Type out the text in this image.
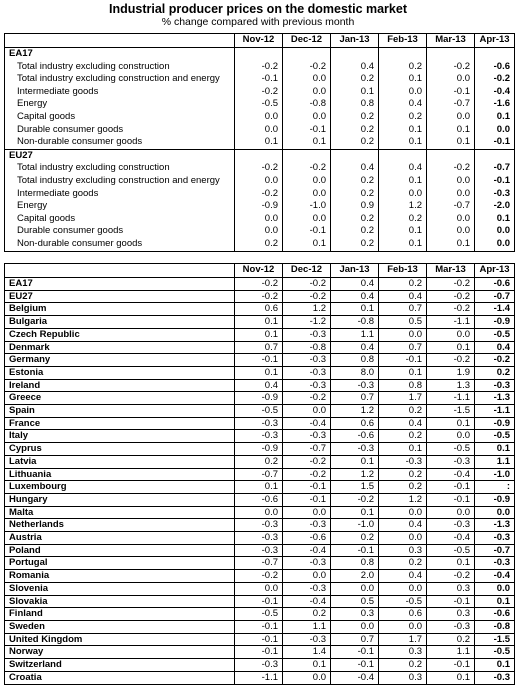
Industrial producer prices on the domestic market
% change compared with previous month
	Nov-12	Dec-12	Jan-13	Feb-13	Mar-13	Apr-13
EA17						
Total industry excluding construction	-0.2	-0.2	0.4	0.2	-0.2	-0.6
Total industry excluding construction and energy	-0.1	0.0	0.2	0.1	0.0	-0.2
Intermediate goods	-0.2	0.0	0.1	0.0	-0.1	-0.4
Energy	-0.5	-0.8	0.8	0.4	-0.7	-1.6
Capital goods	0.0	0.0	0.2	0.2	0.0	0.1
Durable consumer goods	0.0	-0.1	0.2	0.1	0.1	0.0
Non-durable consumer goods	0.1	0.1	0.2	0.1	0.1	-0.1
EU27						
Total industry excluding construction	-0.2	-0.2	0.4	0.4	-0.2	-0.7
Total industry excluding construction and energy	0.0	0.0	0.2	0.1	0.0	-0.1
Intermediate goods	-0.2	0.0	0.2	0.0	0.0	-0.3
Energy	-0.9	-1.0	0.9	1.2	-0.7	-2.0
Capital goods	0.0	0.0	0.2	0.2	0.0	0.1
Durable consumer goods	0.0	-0.1	0.2	0.1	0.0	0.0
Non-durable consumer goods	0.2	0.1	0.2	0.1	0.1	0.0
	Nov-12	Dec-12	Jan-13	Feb-13	Mar-13	Apr-13
EA17	-0.2	-0.2	0.4	0.2	-0.2	-0.6
EU27	-0.2	-0.2	0.4	0.4	-0.2	-0.7
Belgium	0.6	1.2	0.1	0.7	-0.2	-1.4
Bulgaria	0.1	-1.2	-0.8	0.5	-1.1	-0.9
Czech Republic	0.1	-0.3	1.1	0.0	0.0	-0.5
Denmark	0.7	-0.8	0.4	0.7	0.1	0.4
Germany	-0.1	-0.3	0.8	-0.1	-0.2	-0.2
Estonia	0.1	-0.3	8.0	0.1	1.9	0.2
Ireland	0.4	-0.3	-0.3	0.8	1.3	-0.3
Greece	-0.9	-0.2	0.7	1.7	-1.1	-1.3
Spain	-0.5	0.0	1.2	0.2	-1.5	-1.1
France	-0.3	-0.4	0.6	0.4	0.1	-0.9
Italy	-0.3	-0.3	-0.6	0.2	0.0	-0.5
Cyprus	-0.9	-0.7	-0.3	0.1	-0.5	0.1
Latvia	0.2	-0.2	0.1	-0.3	-0.3	1.1
Lithuania	-0.7	-0.2	1.2	0.2	-0.4	-1.0
Luxembourg	0.1	-0.1	1.5	0.2	-0.1	:
Hungary	-0.6	-0.1	-0.2	1.2	-0.1	-0.9
Malta	0.0	0.0	0.1	0.0	0.0	0.0
Netherlands	-0.3	-0.3	-1.0	0.4	-0.3	-1.3
Austria	-0.3	-0.6	0.2	0.0	-0.4	-0.3
Poland	-0.3	-0.4	-0.1	0.3	-0.5	-0.7
Portugal	-0.7	-0.3	0.8	0.2	0.1	-0.3
Romania	-0.2	0.0	2.0	0.4	-0.2	-0.4
Slovenia	0.0	-0.3	0.0	0.0	0.3	0.0
Slovakia	-0.1	-0.4	0.5	-0.5	-0.1	0.1
Finland	-0.5	0.2	0.3	0.6	0.3	-0.6
Sweden	-0.1	1.1	0.0	0.0	-0.3	-0.8
United Kingdom	-0.1	-0.3	0.7	1.7	0.2	-1.5
Norway	-0.1	1.4	-0.1	0.3	1.1	-0.5
Switzerland	-0.3	0.1	-0.1	0.2	-0.1	0.1
Croatia	-1.1	0.0	-0.4	0.3	0.1	-0.3
